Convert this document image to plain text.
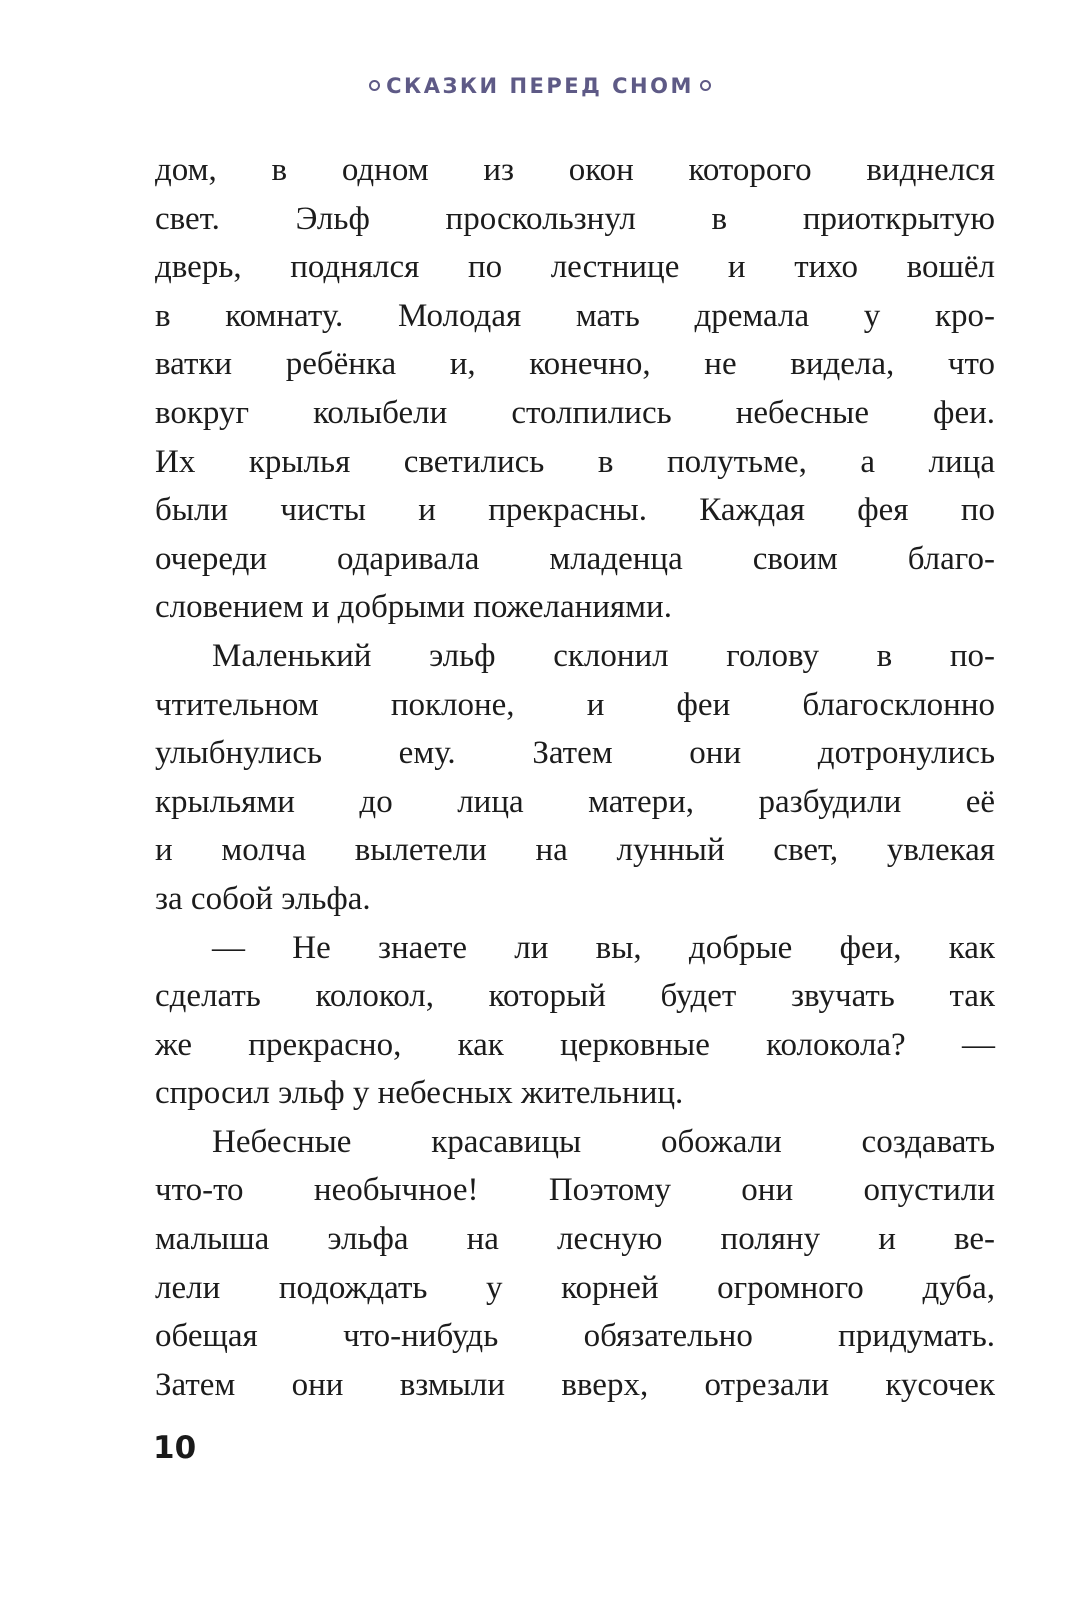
СКАЗКИ ПЕРЕД СНОМ

дом, в одном из окон которого виднелся

свет. Эльф проскользнул в приоткрытую

дверь, поднялся по лестнице и тихо вошёл

в комнату. Молодая мать дремала у кро-

ватки ребёнка и, конечно, не видела, что

вокруг колыбели столпились небесные феи.

Их крылья светились в полутьме, а лица

были чисты и прекрасны. Каждая фея по

очереди одаривала младенца своим благо-

словением и добрыми пожеланиями.

Маленький эльф склонил голову в по-

чтительном поклоне, и феи благосклонно

улыбнулись ему. Затем они дотронулись

крыльями до лица матери, разбудили её

и молча вылетели на лунный свет, увлекая

за собой эльфа.

— Не знаете ли вы, добрые феи, как

сделать колокол, который будет звучать так

же прекрасно, как церковные колокола? —

спросил эльф у небесных жительниц.

Небесные красавицы обожали создавать

что-то необычное! Поэтому они опустили

малыша эльфа на лесную поляну и ве-

лели подождать у корней огромного дуба,

обещая что-нибудь обязательно придумать.

Затем они взмыли вверх, отрезали кусочек

10
